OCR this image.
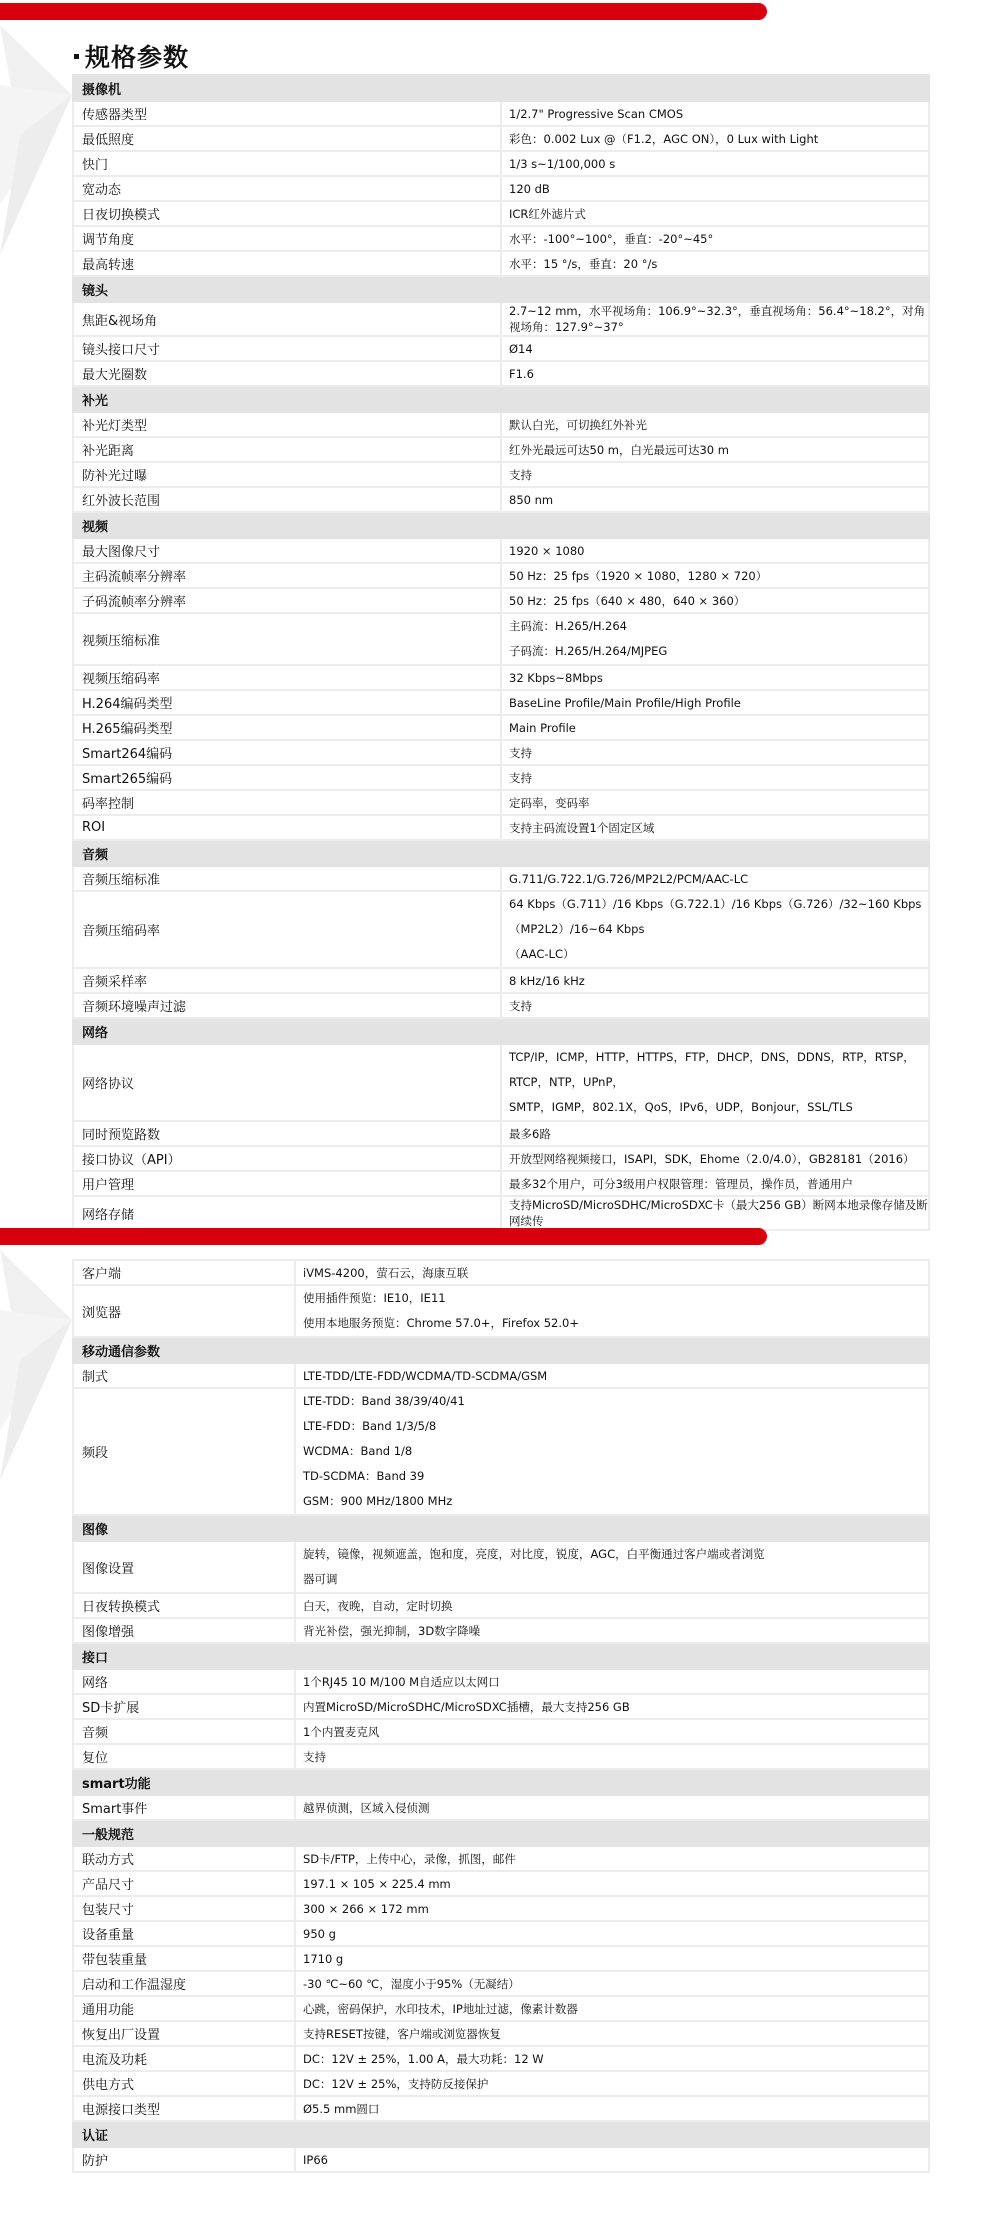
规格参数
摄像机	
传感器类型	1/2.7" Progressive Scan CMOS
最低照度	彩色：0.002 Lux @（F1.2，AGC ON），0 Lux with Light
快门	1/3 s~1/100,000 s
宽动态	120 dB
日夜切换模式	ICR红外滤片式
调节角度	水平：-100°~100°，垂直：-20°~45°
最高转速	水平：15 °/s，垂直：20 °/s
镜头	
焦距&视场角	2.7~12 mm，水平视场角：106.9°~32.3°，垂直视场角：56.4°~18.2°，对角视场角：127.9°~37°
镜头接口尺寸	Ø14
最大光圈数	F1.6
补光	
补光灯类型	默认白光，可切换红外补光
补光距离	红外光最远可达50 m，白光最远可达30 m
防补光过曝	支持
红外波长范围	850 nm
视频	
最大图像尺寸	1920 × 1080
主码流帧率分辨率	50 Hz：25 fps（1920 × 1080，1280 × 720）
子码流帧率分辨率	50 Hz：25 fps（640 × 480，640 × 360）
视频压缩标准	主码流：H.265/H.264
子码流：H.265/H.264/MJPEG

视频压缩码率	32 Kbps~8Mbps
H.264编码类型	BaseLine Profile/Main Profile/High Profile
H.265编码类型	Main Profile
Smart264编码	支持
Smart265编码	支持
码率控制	定码率，变码率
ROI	支持主码流设置1个固定区域
音频	
音频压缩标准	G.711/G.722.1/G.726/MP2L2/PCM/AAC-LC
音频压缩码率	64 Kbps（G.711）/16 Kbps（G.722.1）/16 Kbps（G.726）/32~160 Kbps（MP2L2）/16~64 Kbps
（AAC-LC）

音频采样率	8 kHz/16 kHz
音频环境噪声过滤	支持
网络	
网络协议	TCP/IP，ICMP，HTTP，HTTPS，FTP，DHCP，DNS，DDNS，RTP，RTSP，RTCP，NTP，UPnP，
SMTP，IGMP，802.1X，QoS，IPv6，UDP，Bonjour，SSL/TLS

同时预览路数	最多6路
接口协议（API）	开放型网络视频接口，ISAPI，SDK，Ehome（2.0/4.0），GB28181（2016）
用户管理	最多32个用户，可分3级用户权限管理：管理员，操作员，普通用户
网络存储	支持MicroSD/MicroSDHC/MicroSDXC卡（最大256 GB）断网本地录像存储及断网续传
客户端	iVMS-4200，萤石云，海康互联
浏览器	使用插件预览：IE10，IE11
使用本地服务预览：Chrome 57.0+，Firefox 52.0+

移动通信参数	
制式	LTE-TDD/LTE-FDD/WCDMA/TD-SCDMA/GSM
频段	LTE-TDD：Band 38/39/40/41
LTE-FDD：Band 1/3/5/8
WCDMA：Band 1/8
TD-SCDMA：Band 39
GSM：900 MHz/1800 MHz

图像	
图像设置	旋转，镜像，视频遮盖，饱和度，亮度，对比度，锐度，AGC，白平衡通过客户端或者浏览
器可调

日夜转换模式	白天，夜晚，自动，定时切换
图像增强	背光补偿，强光抑制，3D数字降噪
接口	
网络	1个RJ45 10 M/100 M自适应以太网口
SD卡扩展	内置MicroSD/MicroSDHC/MicroSDXC插槽，最大支持256 GB
音频	1个内置麦克风
复位	支持
smart功能	
Smart事件	越界侦测，区域入侵侦测
一般规范	
联动方式	SD卡/FTP，上传中心，录像，抓图，邮件
产品尺寸	197.1 × 105 × 225.4 mm
包装尺寸	300 × 266 × 172 mm
设备重量	950 g
带包装重量	1710 g
启动和工作温湿度	-30 ℃~60 ℃，湿度小于95%（无凝结）
通用功能	心跳，密码保护，水印技术，IP地址过滤，像素计数器
恢复出厂设置	支持RESET按键，客户端或浏览器恢复
电流及功耗	DC：12V ± 25%，1.00 A，最大功耗：12 W
供电方式	DC：12V ± 25%，支持防反接保护
电源接口类型	Ø5.5 mm圆口
认证	
防护	IP66
